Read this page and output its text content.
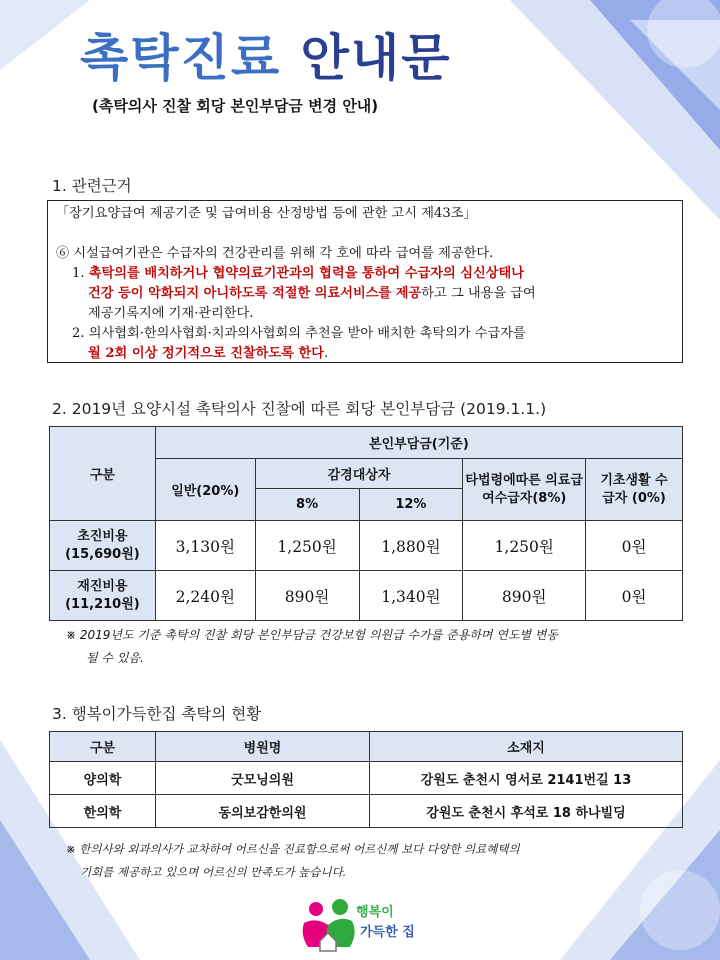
촉탁진료 안내문
(촉탁의사 진찰 회당 본인부담금 변경 안내)
1. 관련근거

「장기요양급여 제공기준 및 급여비용 산정방법 등에 관한 고시 제43조」

⑥ 시설급여기관은 수급자의 건강관리를 위해 각 호에 따라 급여를 제공한다.

1. 촉탁의를 배치하거나 협약의료기관과의 협력을 통하여 수급자의 심신상태나

건강 등이 악화되지 아니하도록 적절한 의료서비스를 제공하고 그 내용을 급여

제공기록지에 기재·관리한다.

2. 의사협회·한의사협회·치과의사협회의 추천을 받아 배치한 촉탁의가 수급자를

월 2회 이상 정기적으로 진찰하도록 한다.

2. 2019년 요양시설 촉탁의사 진찰에 따른 회당 본인부담금 (2019.1.1.)
구분	본인부담금(기준)				
	일반(20%)	감경대상자		타법령에따른 의료급여수급자(8%)	기초생활 수급자 (0%)
		8%	12%		
초진비용
(15,690원)	3,130원	1,250원	1,880원	1,250원	0원
재진비용
(11,210원)	2,240원	890원	1,340원	890원	0원
※ 2019년도 기준 촉탁의 진찰 회당 본인부담금 건강보험 의원급 수가를 준용하며 연도별 변동
될 수 있음.
3. 행복이가득한집 촉탁의 현황
구분	병원명	소재지
양의학	굿모닝의원	강원도 춘천시 영서로 2141번길 13
한의학	동의보감한의원	강원도 춘천시 후석로 18 하나빌딩
※ 한의사와 외과의사가 교차하여 어르신을 진료함으로써 어르신께 보다 다양한 의료혜택의
기회를 제공하고 있으며 어르신의 만족도가 높습니다.
행복이
가득한 집
